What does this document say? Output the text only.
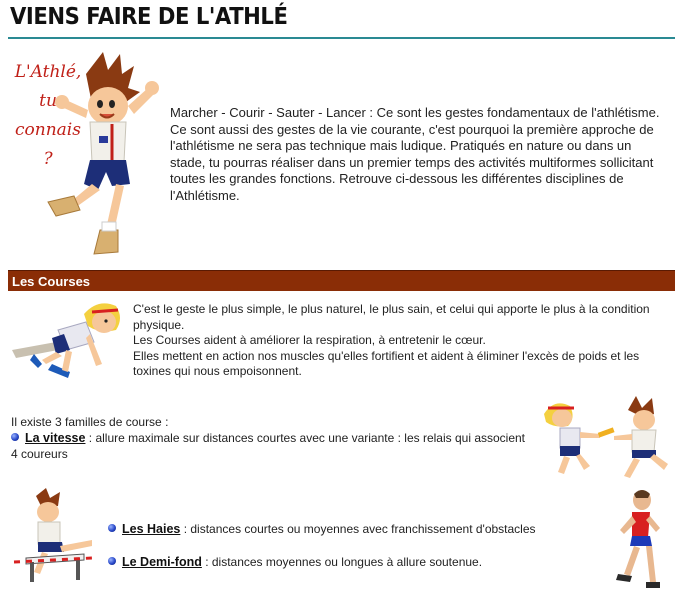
VIENS FAIRE DE L'ATHLÉ
L'Athlé,
tu
connais ?

Marcher - Courir - Sauter - Lancer : Ce sont les gestes fondamentaux de l'athlétisme. Ce sont aussi des gestes de la vie courante, c'est pourquoi la première approche de l'athlétisme ne sera pas technique mais ludique. Pratiqués en nature ou dans un stade, tu pourras réaliser dans un premier temps des activités multiformes sollicitant toutes les grandes fonctions. Retrouve ci-dessous les différentes disciplines de l'Athlétisme.

Les Courses
C'est le geste le plus simple, le plus naturel, le plus sain, et celui qui apporte le plus à la condition physique.
Les Courses aident à améliorer la respiration, à entretenir le cœur.
Elles mettent en action nos muscles qu'elles fortifient et aident à éliminer l'excès de poids et les toxines qui nous empoisonnent.
Il existe 3 familles de course :
La vitesse : allure maximale sur distances courtes avec une variante : les relais qui associent 4 coureurs
Les Haies : distances courtes ou moyennes avec franchissement d'obstacles
Le Demi-fond : distances moyennes ou longues à allure soutenue.
